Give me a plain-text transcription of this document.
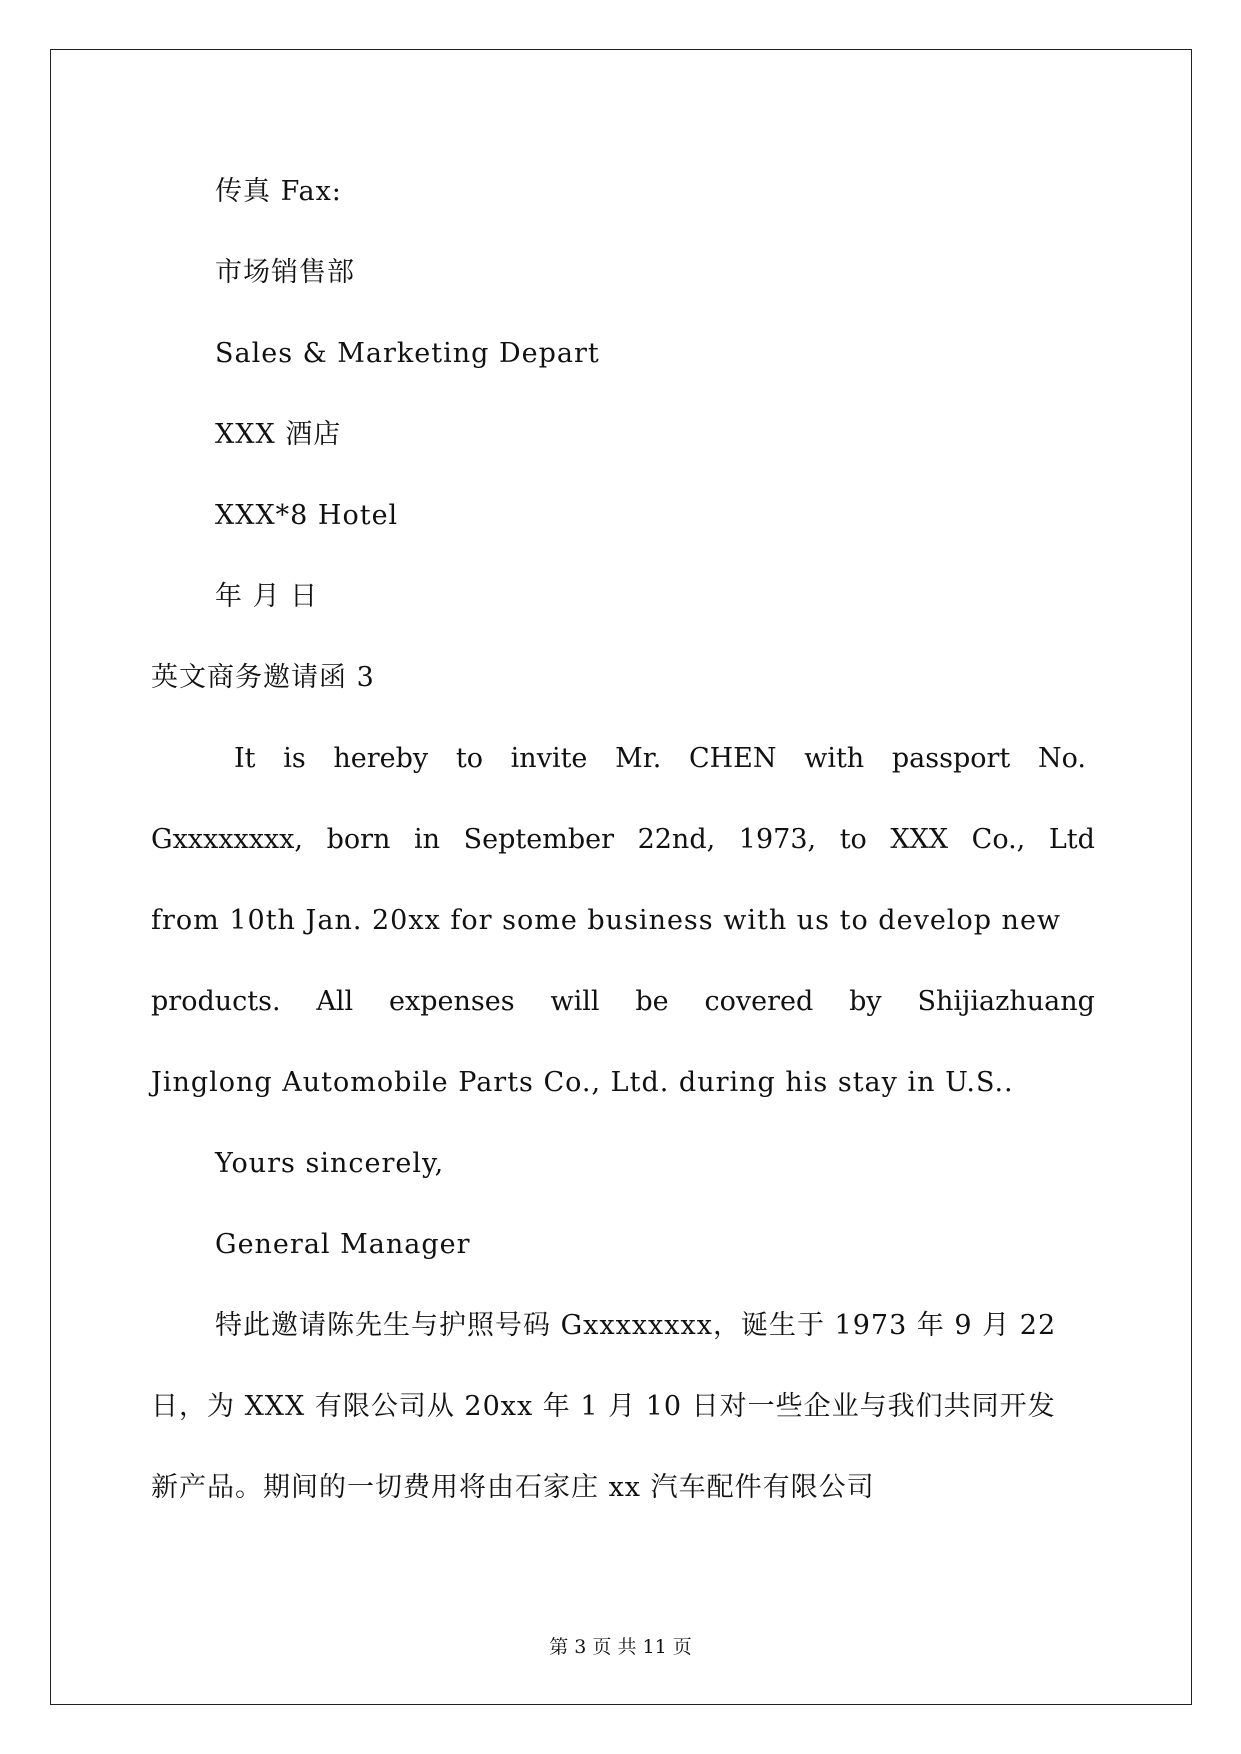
传真 Fax:
市场销售部
Sales & Marketing Depart
XXX 酒店
XXX*8 Hotel
年 月 日
英文商务邀请函 3
It is hereby to invite Mr. CHEN with passport No.
Gxxxxxxxx, born in September 22nd, 1973, to XXX Co., Ltd
from 10th Jan. 20xx for some business with us to develop new
products. All expenses will be covered by Shijiazhuang
Jinglong Automobile Parts Co., Ltd. during his stay in U.S..
Yours sincerely,
General Manager
特此邀请陈先生与护照号码 Gxxxxxxxx，诞生于 1973 年 9 月 22
日，为 XXX 有限公司从 20xx 年 1 月 10 日对一些企业与我们共同开发
新产品。期间的一切费用将由石家庄 xx 汽车配件有限公司
第 3 页 共 11 页
